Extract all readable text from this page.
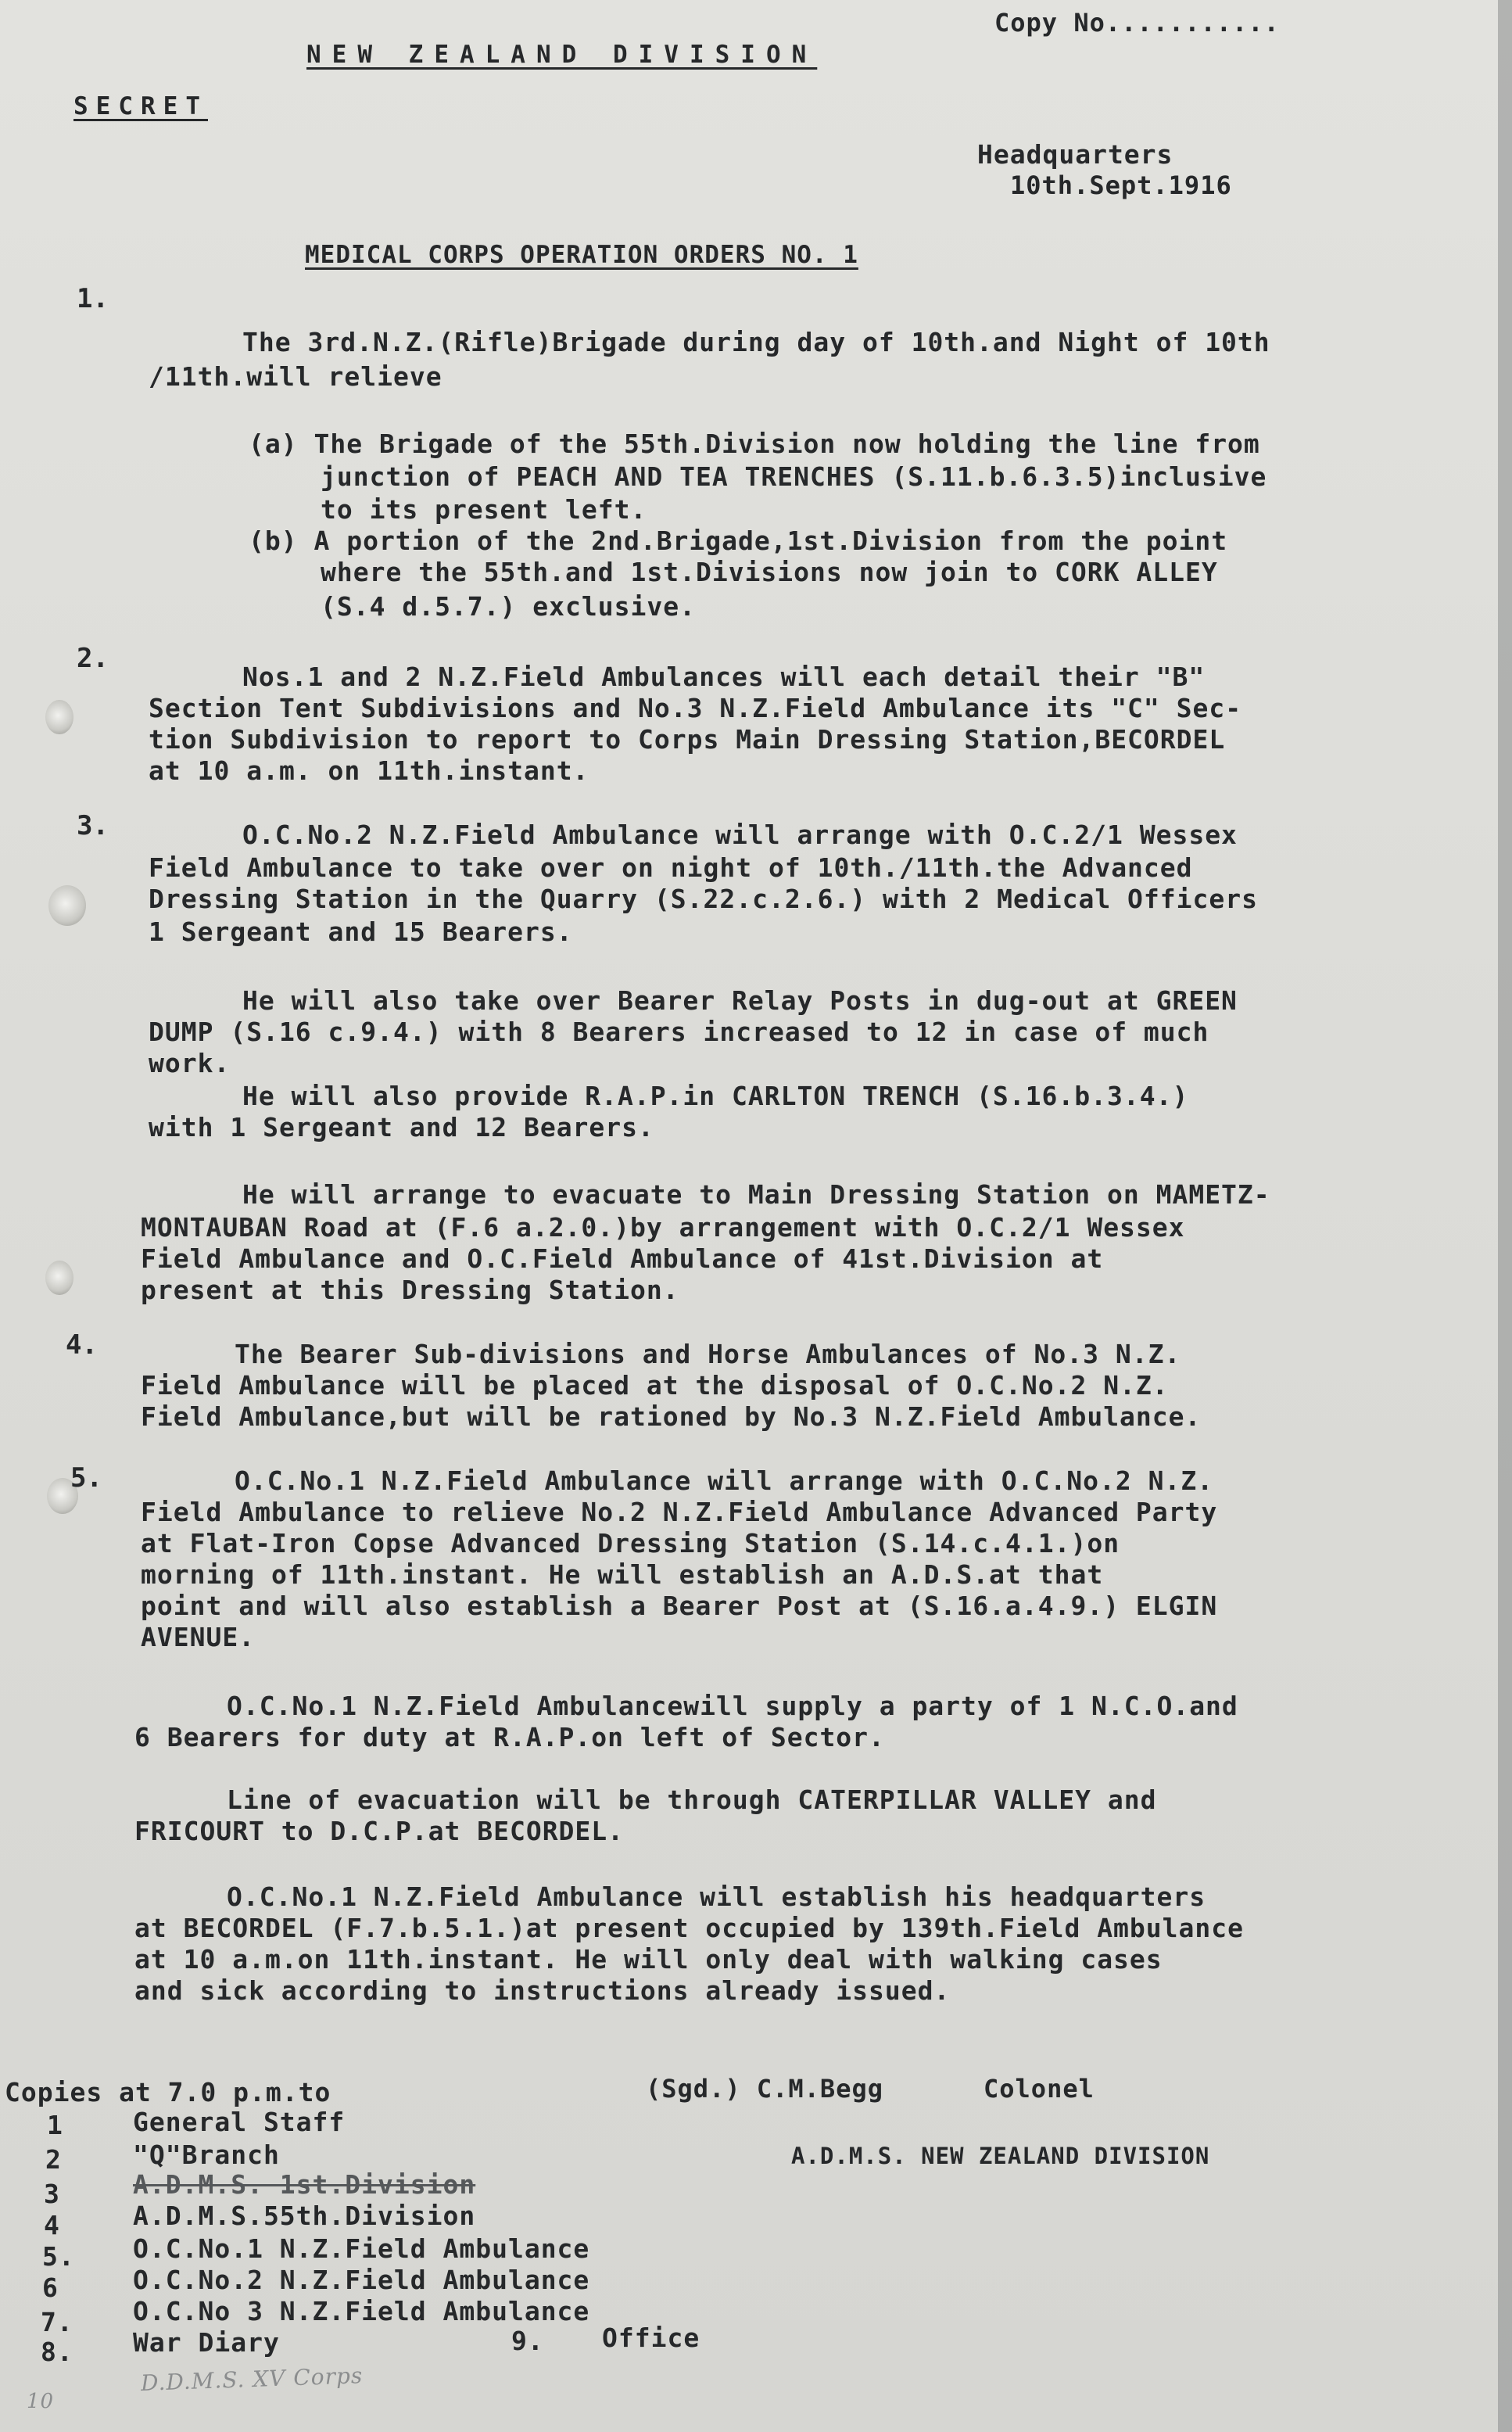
Copy No...........
NEW ZEALAND DIVISION
SECRET
Headquarters
10th.Sept.1916
MEDICAL CORPS OPERATION ORDERS NO. 1
1.
The 3rd.N.Z.(Rifle)Brigade during day of 10th.and Night of 10th
/11th.will relieve
(a) The Brigade of the 55th.Division now holding the line from
junction of PEACH AND TEA TRENCHES (S.11.b.6.3.5)inclusive
to its present left.
(b) A portion of the 2nd.Brigade,1st.Division from the point
where the 55th.and 1st.Divisions now join to CORK ALLEY
(S.4 d.5.7.) exclusive.
2.
Nos.1 and 2 N.Z.Field Ambulances will each detail their "B"
Section Tent Subdivisions and No.3 N.Z.Field Ambulance its "C" Sec-
tion Subdivision to report to Corps Main Dressing Station,BECORDEL
at 10 a.m. on 11th.instant.
3.	O.C.No.2 N.Z.Field Ambulance will arrange with O.C.2/1 Wessex
Field Ambulance to take over on night of 10th./11th.the Advanced
Dressing Station in the Quarry (S.22.c.2.6.) with 2 Medical Officers
1 Sergeant and 15 Bearers.
He will also take over Bearer Relay Posts in dug-out at GREEN
DUMP (S.16 c.9.4.) with 8 Bearers increased to 12 in case of much
work.
He will also provide R.A.P.in CARLTON TRENCH (S.16.b.3.4.)
with 1 Sergeant and 12 Bearers.
He will arrange to evacuate to Main Dressing Station on MAMETZ-
MONTAUBAN Road at (F.6 a.2.0.)by arrangement with O.C.2/1 Wessex
Field Ambulance and O.C.Field Ambulance of 41st.Division at
present at this Dressing Station.
4.	The Bearer Sub-divisions and Horse Ambulances of No.3 N.Z.
Field Ambulance will be placed at the disposal of O.C.No.2 N.Z.
Field Ambulance,but will be rationed by No.3 N.Z.Field Ambulance.
5.	O.C.No.1 N.Z.Field Ambulance will arrange with O.C.No.2 N.Z.
Field Ambulance to relieve No.2 N.Z.Field Ambulance Advanced Party
at Flat-Iron Copse Advanced Dressing Station (S.14.c.4.1.)on
morning of 11th.instant. He will establish an A.D.S.at that
point and will also establish a Bearer Post at (S.16.a.4.9.) ELGIN
AVENUE.
O.C.No.1 N.Z.Field Ambulancewill supply a party of 1 N.C.O.and
6 Bearers for duty at R.A.P.on left of Sector.
Line of evacuation will be through CATERPILLAR VALLEY and
FRICOURT to D.C.P.at BECORDEL.
O.C.No.1 N.Z.Field Ambulance will establish his headquarters
at BECORDEL (F.7.b.5.1.)at present occupied by 139th.Field Ambulance
at 10 a.m.on 11th.instant. He will only deal with walking cases
and sick according to instructions already issued.
(Sgd.) C.M.Begg	Colonel
A.D.M.S. NEW ZEALAND DIVISION
Copies at 7.0 p.m.to
1	General Staff
2	"Q"Branch
3	A.D.M.S. 1st.Division
4	A.D.M.S.55th.Division
5. O.C.No.1 N.Z.Field Ambulance
6	O.C.No.2 N.Z.Field Ambulance
7. O.C.No 3 N.Z.Field Ambulance
8. War Diary	9. Office
10
D.D.M.S. XV Corps
